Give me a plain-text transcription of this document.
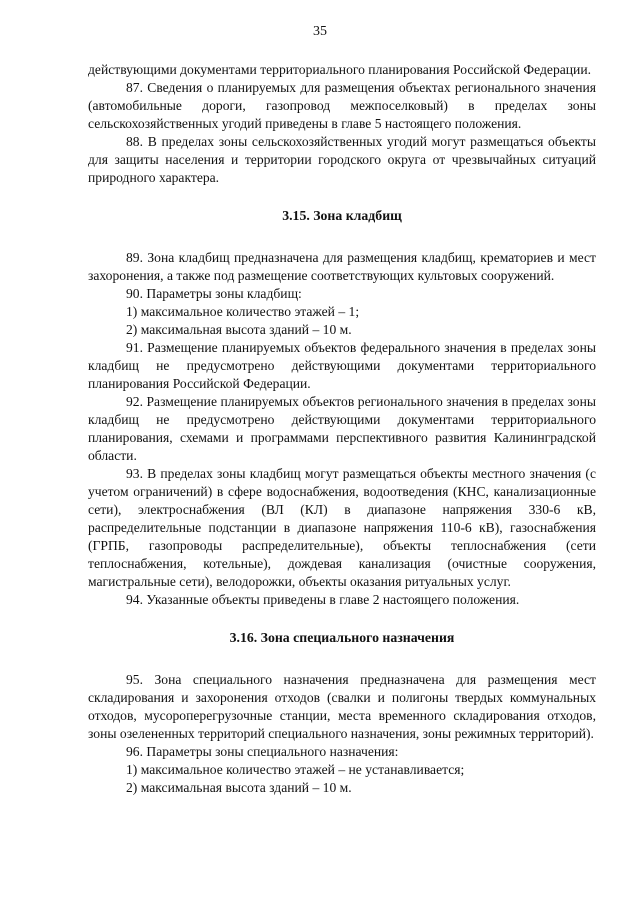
35

действующими документами территориального планирования Российской Федерации.

87. Сведения о планируемых для размещения объектах регионального значения (автомобильные дороги, газопровод межпоселковый) в пределах зоны сельскохозяйственных угодий приведены в главе 5 настоящего положения.

88. В пределах зоны сельскохозяйственных угодий могут размещаться объекты для защиты населения и территории городского округа от чрезвычайных ситуаций природного характера.

3.15. Зона кладбищ

89. Зона кладбищ предназначена для размещения кладбищ, крематориев и мест захоронения, а также под размещение соответствующих культовых сооружений.

90. Параметры зоны кладбищ:

1) максимальное количество этажей – 1;

2) максимальная высота зданий – 10 м.

91. Размещение планируемых объектов федерального значения в пределах зоны кладбищ не предусмотрено действующими документами территориального планирования Российской Федерации.

92. Размещение планируемых объектов регионального значения в пределах зоны кладбищ не предусмотрено действующими документами территориального планирования, схемами и программами перспективного развития Калининградской области.

93. В пределах зоны кладбищ могут размещаться объекты местного значения (с учетом ограничений) в сфере водоснабжения, водоотведения (КНС, канализационные сети), электроснабжения (ВЛ (КЛ) в диапазоне напряжения 330-6 кВ, распределительные подстанции в диапазоне напряжения 110-6 кВ), газоснабжения (ГРПБ, газопроводы распределительные), объекты теплоснабжения (сети теплоснабжения, котельные), дождевая канализация (очистные сооружения, магистральные сети), велодорожки, объекты оказания ритуальных услуг.

94. Указанные объекты приведены в главе 2 настоящего положения.

3.16. Зона специального назначения

95. Зона специального назначения предназначена для размещения мест складирования и захоронения отходов (свалки и полигоны твердых коммунальных отходов, мусороперегрузочные станции, места временного складирования отходов, зоны озелененных территорий специального назначения, зоны режимных территорий).

96. Параметры зоны специального назначения:

1) максимальное количество этажей – не устанавливается;

2) максимальная высота зданий – 10 м.
